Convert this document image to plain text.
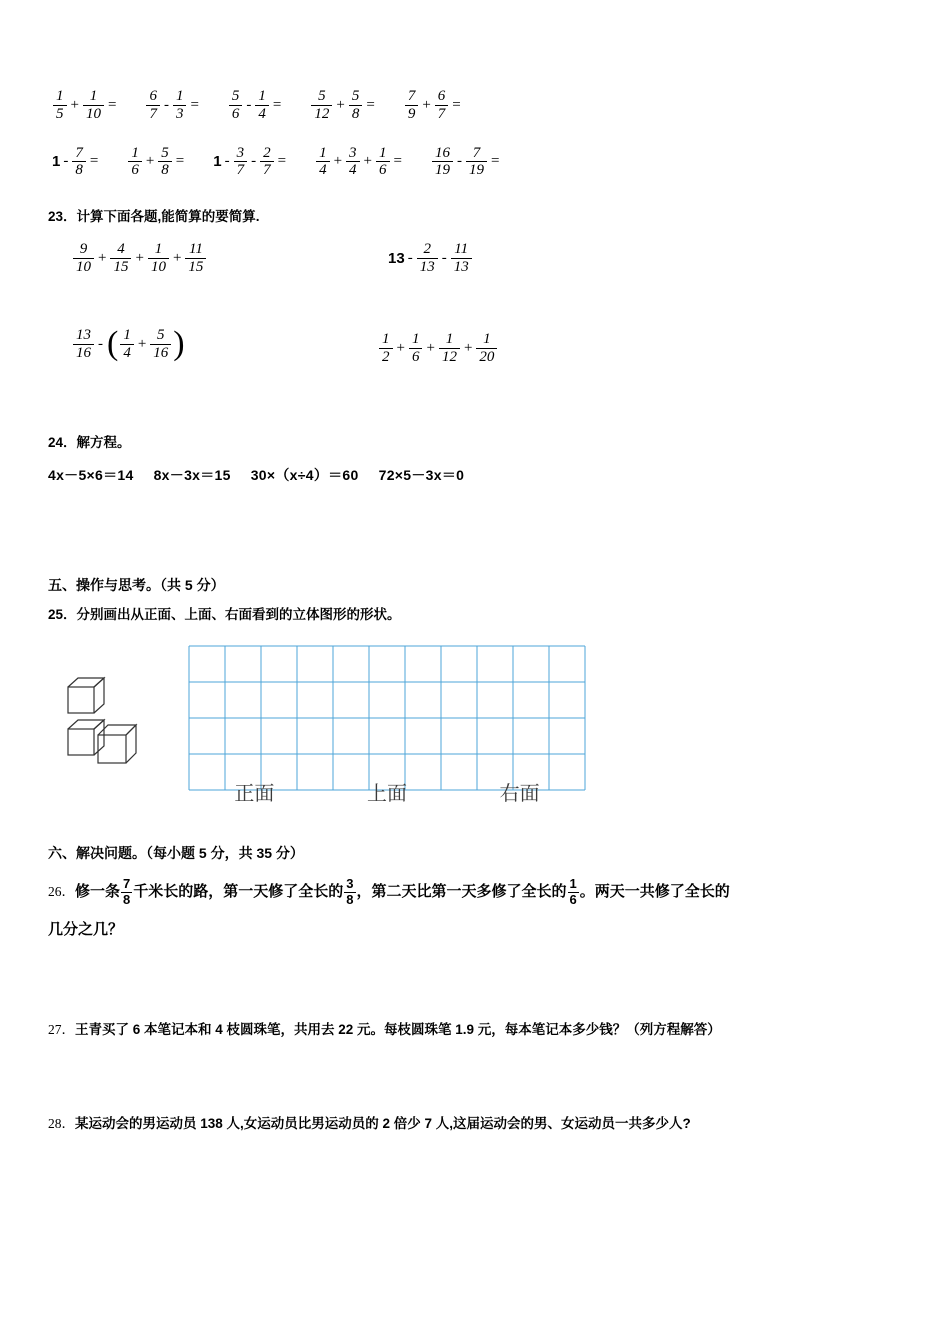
$\frac{1}{5} + \frac{1}{10} = \frac{6}{7} - \frac{1}{3} = \frac{5}{6} - \frac{1}{4} = \frac{5}{12} + \frac{5}{8} = \frac{7}{9} + \frac{6}{7}$ =
$1 - \frac{7}{8} = \frac{1}{6} + \frac{5}{8} = 1 - \frac{3}{7} - \frac{2}{7} = \frac{1}{4} + \frac{3}{4} + \frac{1}{6} = \frac{16}{19} - \frac{7}{19}$ =
23．计算下面各题,能简算的要简算.
$\frac{9}{10} + \frac{4}{15} + \frac{1}{10} + \frac{11}{15}$	$13 - \frac{2}{13} - \frac{11}{13}$
$\frac{13}{16}$ - ( $\frac{1}{4} + \frac{5}{16}$ )	$\frac{1}{2} + \frac{1}{6} + \frac{1}{12} + \frac{1}{20}$
24．解方程。
4x－5×6＝14 8x－3x＝15 30×（x÷4）＝60 72×5－3x＝0
五、操作与思考。（共 5 分）
25．分别画出从正面、上面、右面看到的立体图形的形状。
正面	上面	右面
六、解决问题。（每小题 5 分，共 35 分）
26．修一条 $\frac{7}{8}$ 千米长的路，第一天修了全长的 $\frac{3}{8}$ ，第二天比第一天多修了全长的 $\frac{1}{6}$ 。两天一共修了全长的
几分之几？
27．王青买了 6 本笔记本和 4 枝圆珠笔，共用去 22 元。每枝圆珠笔 1.9 元，每本笔记本多少钱？（列方程解答）
28．某运动会的男运动员 138 人,女运动员比男运动员的 2 倍少 7 人,这届运动会的男、女运动员一共多少人?
